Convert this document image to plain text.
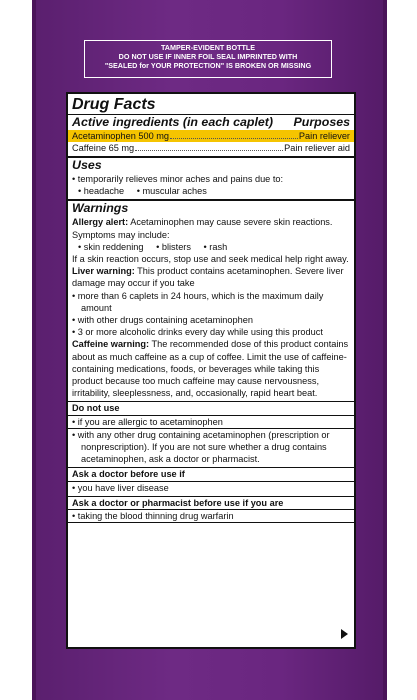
TAMPER-EVIDENT BOTTLE
DO NOT USE IF INNER FOIL SEAL IMPRINTED WITH
"SEALED for YOUR PROTECTION" IS BROKEN OR MISSING
Drug Facts
Active ingredients (in each caplet) Purposes
Acetaminophen 500 mg	Pain reliever
Caffeine 65 mg	Pain reliever aid
Uses
• temporarily relieves minor aches and pains due to:
• headache • muscular aches
Warnings
Allergy alert: Acetaminophen may cause severe skin reactions.
Symptoms may include:
• skin reddening • blisters • rash
If a skin reaction occurs, stop use and seek medical help right away.
Liver warning: This product contains acetaminophen. Severe liver damage may occur if you take
• more than 6 caplets in 24 hours, which is the maximum daily amount
• with other drugs containing acetaminophen
• 3 or more alcoholic drinks every day while using this product
Caffeine warning: The recommended dose of this product contains about as much caffeine as a cup of coffee. Limit the use of caffeine-containing medications, foods, or beverages while taking this product because too much caffeine may cause nervousness, irritability, sleeplessness, and, occasionally, rapid heart beat.
Do not use
• if you are allergic to acetaminophen
• with any other drug containing acetaminophen (prescription or nonprescription). If you are not sure whether a drug contains acetaminophen, ask a doctor or pharmacist.
Ask a doctor before use if
• you have liver disease
Ask a doctor or pharmacist before use if you are
• taking the blood thinning drug warfarin
